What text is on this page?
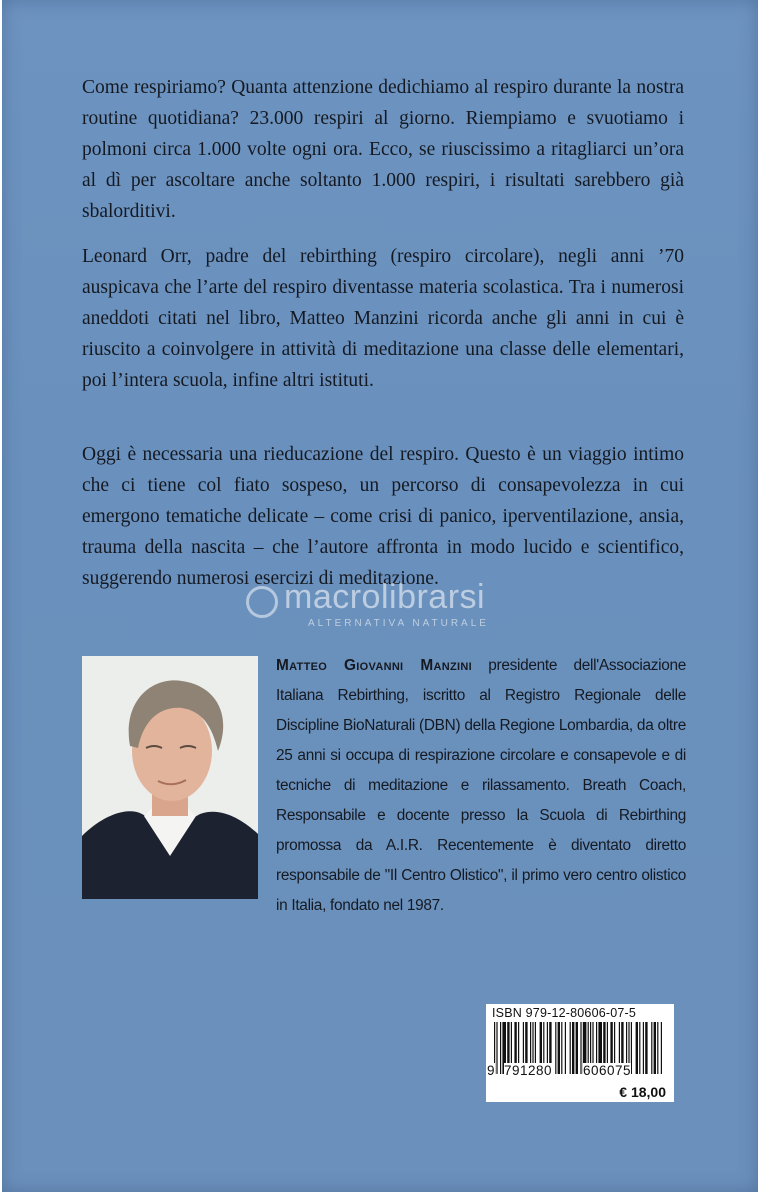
Come respiriamo? Quanta attenzione dedichiamo al respiro durante la nostra routine quotidiana? 23.000 respiri al giorno. Riempiamo e svuotiamo i polmoni circa 1.000 volte ogni ora. Ecco, se riuscissimo a ritagliarci un’ora al dì per ascoltare anche soltanto 1.000 respiri, i risultati sarebbero già sbalorditivi.

Leonard Orr, padre del rebirthing (respiro circolare), negli anni ’70 auspicava che l’arte del respiro diventasse materia scolastica. Tra i numerosi aneddoti citati nel libro, Matteo Manzini ricorda anche gli anni in cui è riuscito a coinvolgere in attività di meditazione una classe delle elementari, poi l’intera scuola, infine altri istituti.

Oggi è necessaria una rieducazione del respiro. Questo è un viaggio intimo che ci tiene col fiato sospeso, un percorso di consapevolezza in cui emergono tematiche delicate – come crisi di panico, iperventilazione, ansia, trauma della nascita – che l’autore affronta in modo lucido e scientifico, suggerendo numerosi esercizi di meditazione.

macrolibrarsi
ALTERNATIVA NATURALE

Matteo Giovanni Manzini presidente dell'Associazione Italiana Rebirthing, iscritto al Registro Regionale delle Discipline BioNaturali (DBN) della Regione Lombardia, da oltre 25 anni si occupa di respirazione circolare e consapevole e di tecniche di meditazione e rilassamento. Breath Coach, Responsabile e docente presso la Scuola di Rebirthing promossa da A.I.R. Recentemente è diventato diretto responsabile de "Il Centro Olistico", il primo vero centro olistico in Italia, fondato nel 1987.

ISBN 979-12-80606-07-5
9 791280 606075
€ 18,00
